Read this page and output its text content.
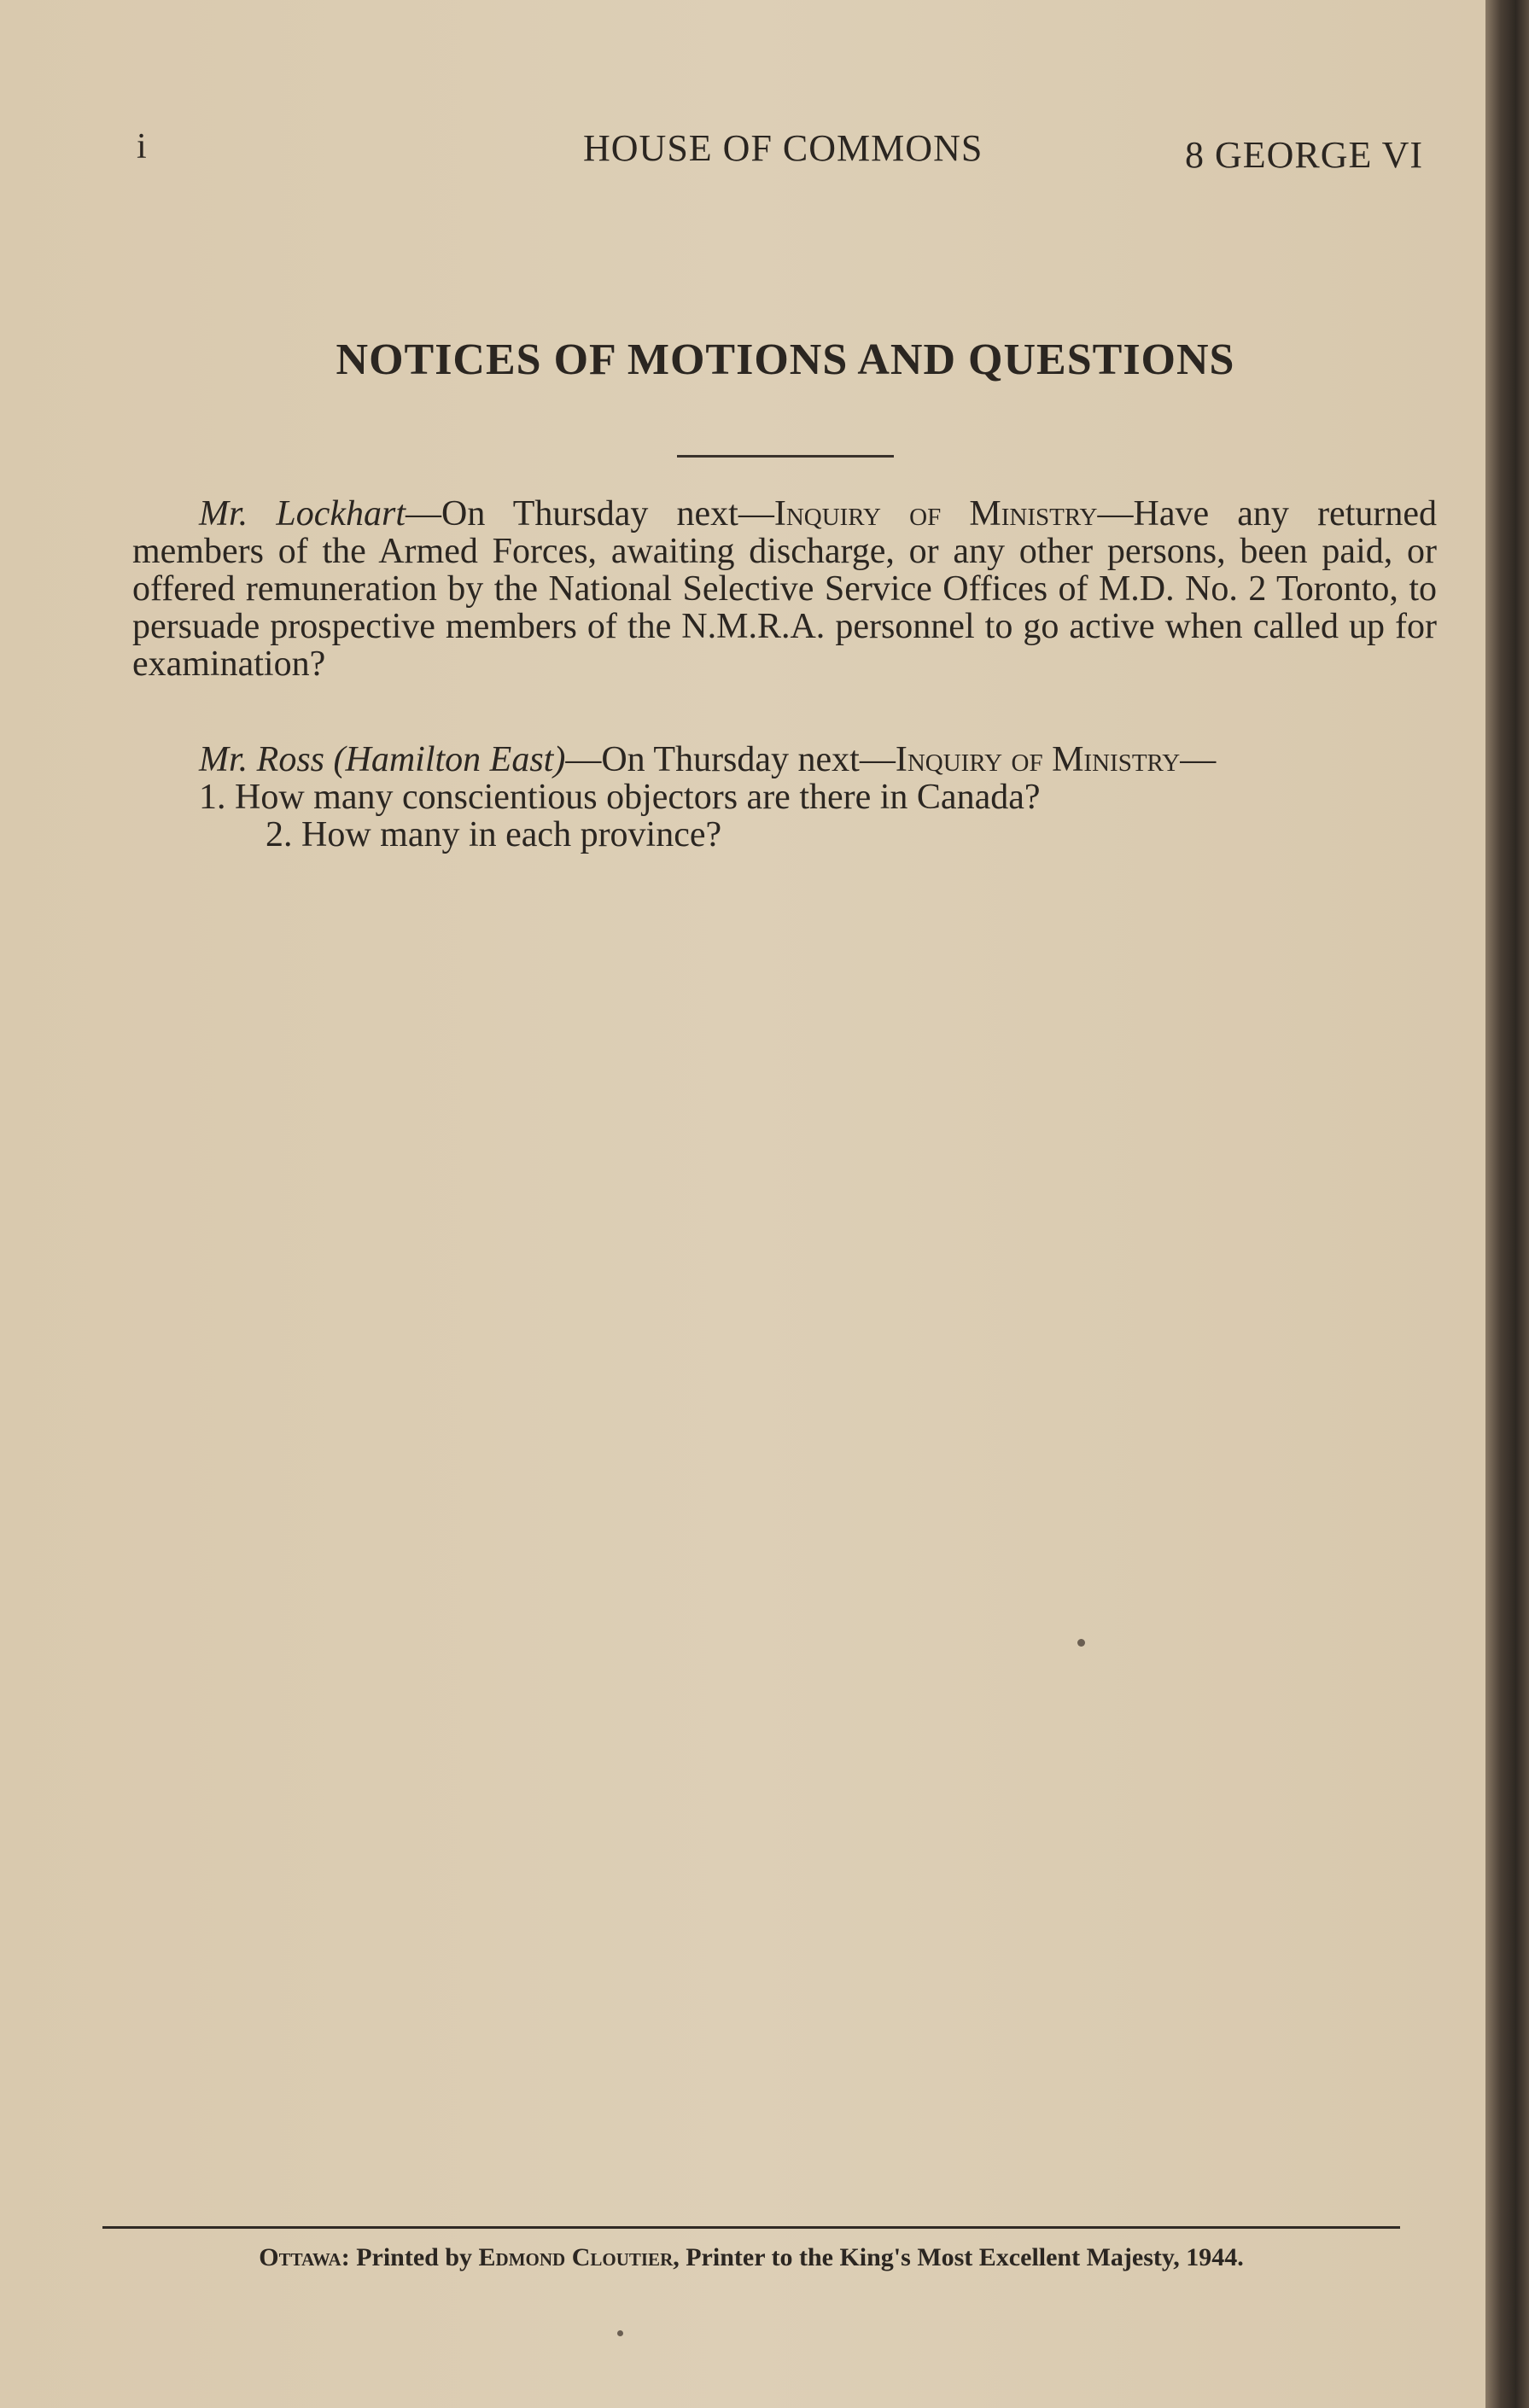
i	HOUSE OF COMMONS	8 GEORGE VI
NOTICES OF MOTIONS AND QUESTIONS

Mr. Lockhart—On Thursday next—Inquiry of Ministry—Have any returned members of the Armed Forces, awaiting discharge, or any other persons, been paid, or offered remuneration by the National Selective Service Offices of M.D. No. 2 Toronto, to persuade prospective members of the N.M.R.A. personnel to go active when called up for examination?

Mr. Ross (Hamilton East)—On Thursday next—Inquiry of Ministry—

1. How many conscientious objectors are there in Canada?

2. How many in each province?

Ottawa: Printed by Edmond Cloutier, Printer to the King's Most Excellent Majesty, 1944.
